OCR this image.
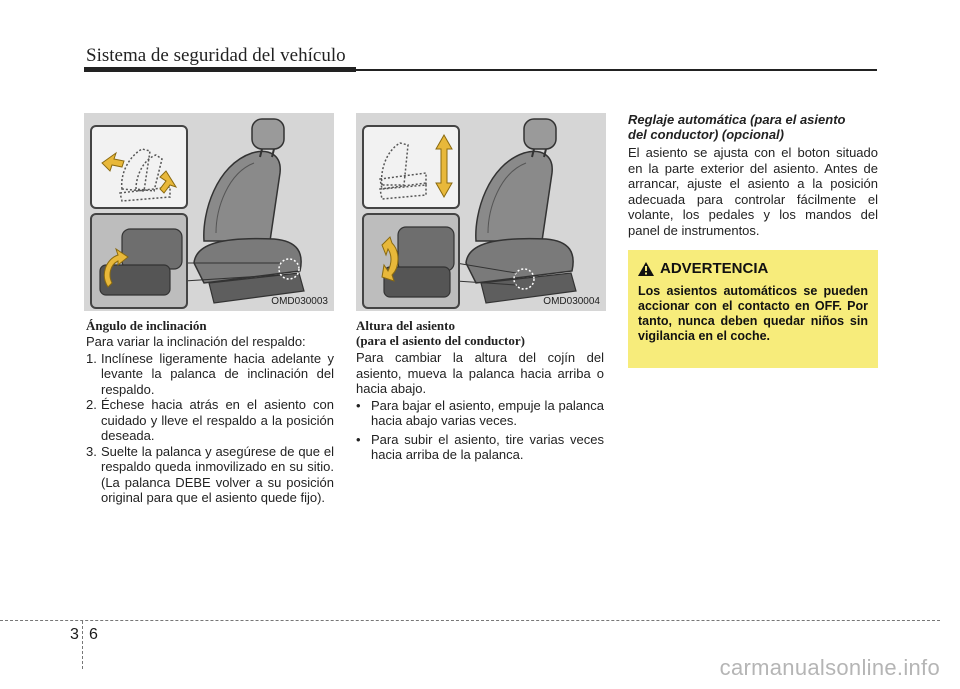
Sistema de seguridad del vehículo
OMD030003	OMD030004
Ángulo de inclinación

Para variar la inclinación del respaldo:

1. Inclínese ligeramente hacia adelante y levante la palanca de inclinación del respaldo.
2. Échese hacia atrás en el asiento con cuidado y lleve el respaldo a la posición deseada.
3. Suelte la palanca y asegúrese de que el respaldo queda inmovilizado en su sitio. (La palanca DEBE volver a su posición original para que el asiento quede fijo).
Altura del asiento
(para el asiento del conductor)

Para cambiar la altura del cojín del asiento, mueva la palanca hacia arriba o hacia abajo.

• Para bajar el asiento, empuje la palanca hacia abajo varias veces.
• Para subir el asiento, tire varias veces hacia arriba de la palanca.
Reglaje automática (para el asiento
del conductor) (opcional)

El asiento se ajusta con el boton situado en la parte exterior del asiento. Antes de arrancar, ajuste el asiento a la posición adecuada para controlar fácilmente el volante, los pedales y los mandos del panel de instrumentos.

ADVERTENCIA
Los asientos automáticos se pueden accionar con el contacto en OFF. Por tanto, nunca deben quedar niños sin vigilancia en el coche.
3 6
carmanualsonline.info
